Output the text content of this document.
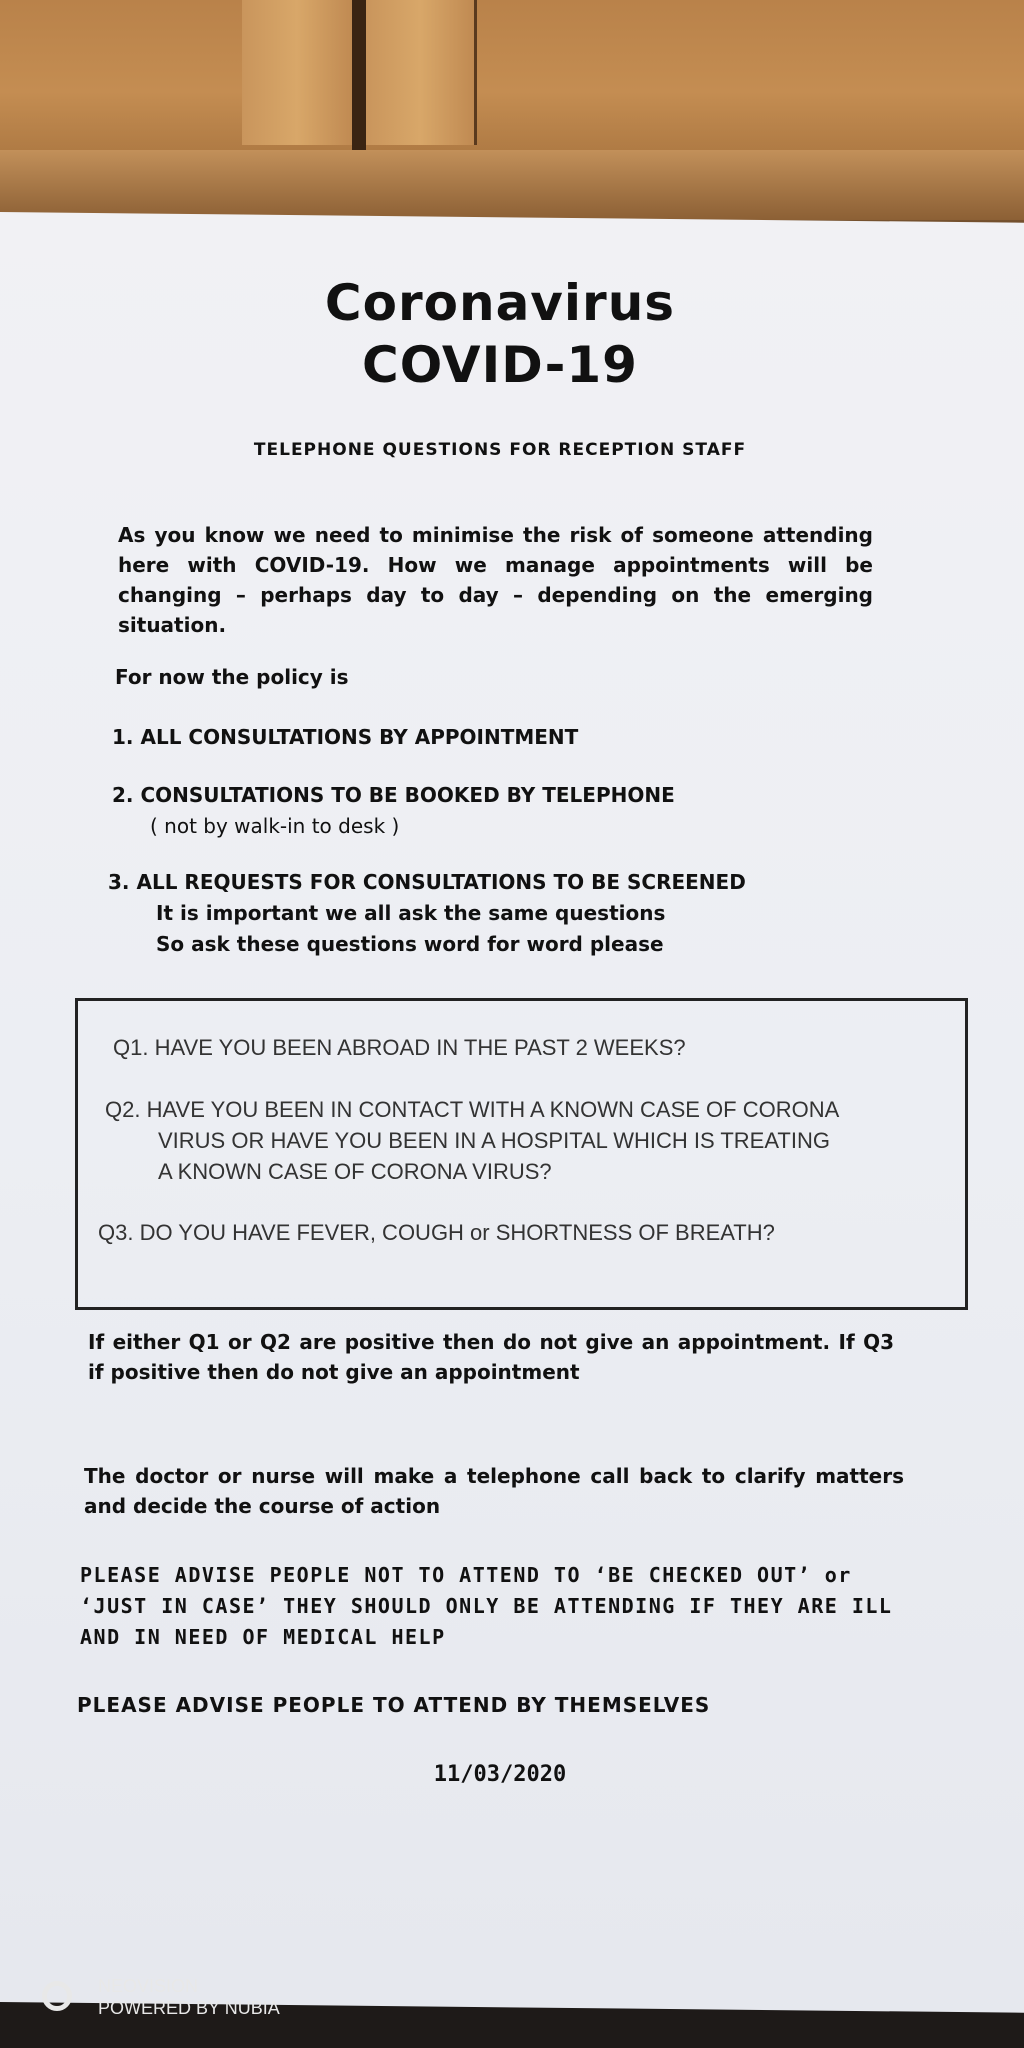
Coronavirus
COVID-19
TELEPHONE QUESTIONS FOR RECEPTION STAFF
As you know we need to minimise the risk of someone attending here with COVID-19. How we manage appointments will be changing – perhaps day to day – depending on the emerging situation.
For now the policy is
1. ALL CONSULTATIONS BY APPOINTMENT
2. CONSULTATIONS TO BE BOOKED BY TELEPHONE
( not by walk-in to desk )
3. ALL REQUESTS FOR CONSULTATIONS TO BE SCREENED
It is important we all ask the same questions
So ask these questions word for word please
Q1. HAVE YOU BEEN ABROAD IN THE PAST 2 WEEKS?
Q2. HAVE YOU BEEN IN CONTACT WITH A KNOWN CASE OF CORONA
VIRUS OR HAVE YOU BEEN IN A HOSPITAL WHICH IS TREATING
A KNOWN CASE OF CORONA VIRUS?
Q3. DO YOU HAVE FEVER, COUGH or SHORTNESS OF BREATH?
If either Q1 or Q2 are positive then do not give an appointment. If Q3 if positive then do not give an appointment
The doctor or nurse will make a telephone call back to clarify matters and decide the course of action
PLEASE ADVISE PEOPLE NOT TO ATTEND TO ‘BE CHECKED OUT’ or ‘JUST IN CASE’ THEY SHOULD ONLY BE ATTENDING IF THEY ARE ILL AND IN NEED OF MEDICAL HELP
PLEASE ADVISE PEOPLE TO ATTEND BY THEMSELVES
11/03/2020
NEOVISION
POWERED BY NUBIA
